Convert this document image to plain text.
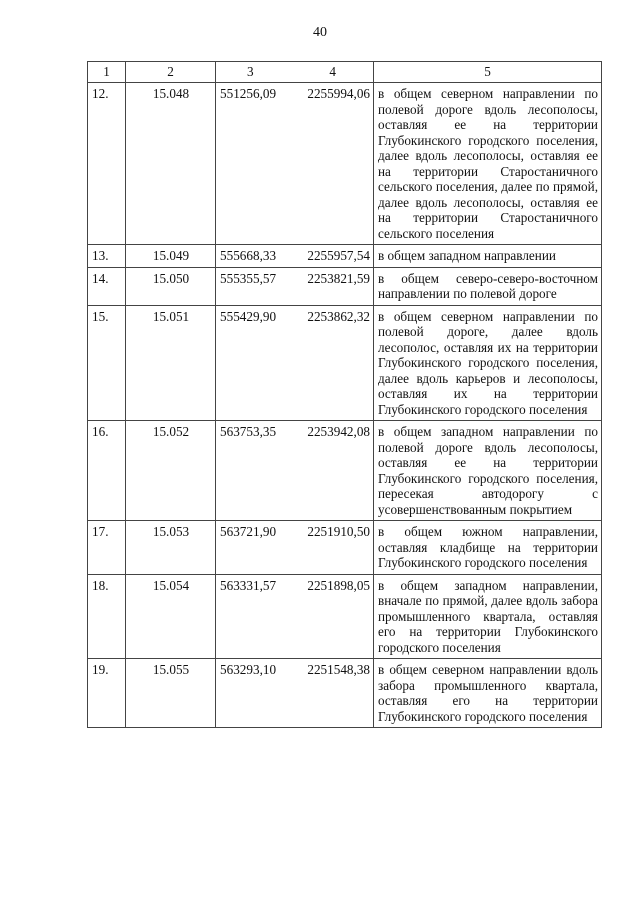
40
1	2	3 4	5
12.	15.048	551256,09 2255994,06	в общем северном направлении по полевой дороге вдоль лесополосы, оставляя ее на территории Глубокинского городского поселения, далее вдоль лесополосы, оставляя ее на территории Старостаничного сельского поселения, далее по прямой, далее вдоль лесополосы, оставляя ее на территории Старостаничного сельского поселения
13.	15.049	555668,33 2255957,54	в общем западном направлении
14.	15.050	555355,57 2253821,59	в общем северо-северо-восточном направлении по полевой дороге
15.	15.051	555429,90 2253862,32	в общем северном направлении по полевой дороге, далее вдоль лесополос, оставляя их на территории Глубокинского городского поселения, далее вдоль карьеров и лесополосы, оставляя их на территории Глубокинского городского поселения
16.	15.052	563753,35 2253942,08	в общем западном направлении по полевой дороге вдоль лесополосы, оставляя ее на территории Глубокинского городского поселения, пересекая автодорогу с усовершенствованным покрытием
17.	15.053	563721,90 2251910,50	в общем южном направлении, оставляя кладбище на территории Глубокинского городского поселения
18.	15.054	563331,57 2251898,05	в общем западном направлении, вначале по прямой, далее вдоль забора промышленного квартала, оставляя его на территории Глубокинского городского поселения
19.	15.055	563293,10 2251548,38	в общем северном направлении вдоль забора промышленного квартала, оставляя его на территории Глубокинского городского поселения
